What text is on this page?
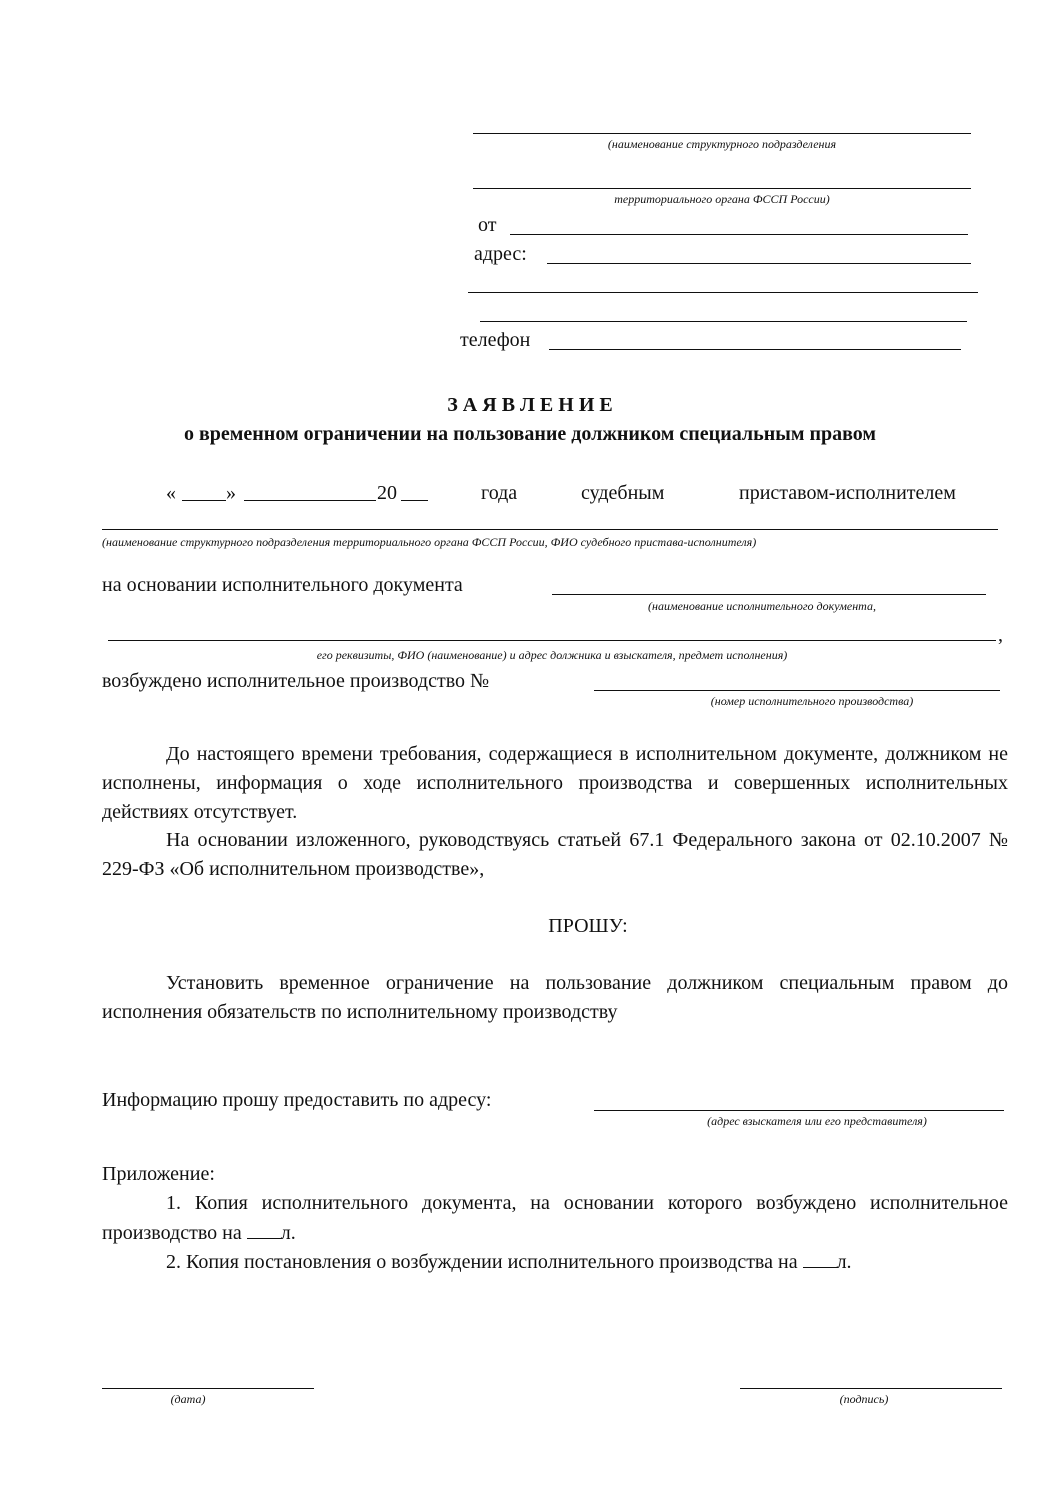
(наименование структурного подразделения
территориального органа ФССП России)
от
адрес:
телефон
З А Я В Л Е Н И Е
о временном ограничении на пользование должником специальным правом
«	»	20	года	судебным	приставом-исполнителем
(наименование структурного подразделения территориального органа ФССП России, ФИО судебного пристава-исполнителя)
на основании исполнительного документа
(наименование исполнительного документа,
,
его реквизиты, ФИО (наименование) и адрес должника и взыскателя, предмет исполнения)
возбуждено исполнительное производство №
(номер исполнительного производства)

До настоящего времени требования, содержащиеся в исполнительном документе, должником не исполнены, информация о ходе исполнительного производства и совершенных исполнительных действиях отсутствует.

На основании изложенного, руководствуясь статьей 67.1 Федерального закона от 02.10.2007 № 229-ФЗ «Об исполнительном производстве»,

ПРОШУ:

Установить временное ограничение на пользование должником специальным правом до исполнения обязательств по исполнительному производству

Информацию прошу предоставить по адресу:
(адрес взыскателя или его представителя)
Приложение:

1. Копия исполнительного документа, на основании которого возбуждено исполнительное производство на л.

2. Копия постановления о возбуждении исполнительного производства на л.

(дата)	(подпись)
